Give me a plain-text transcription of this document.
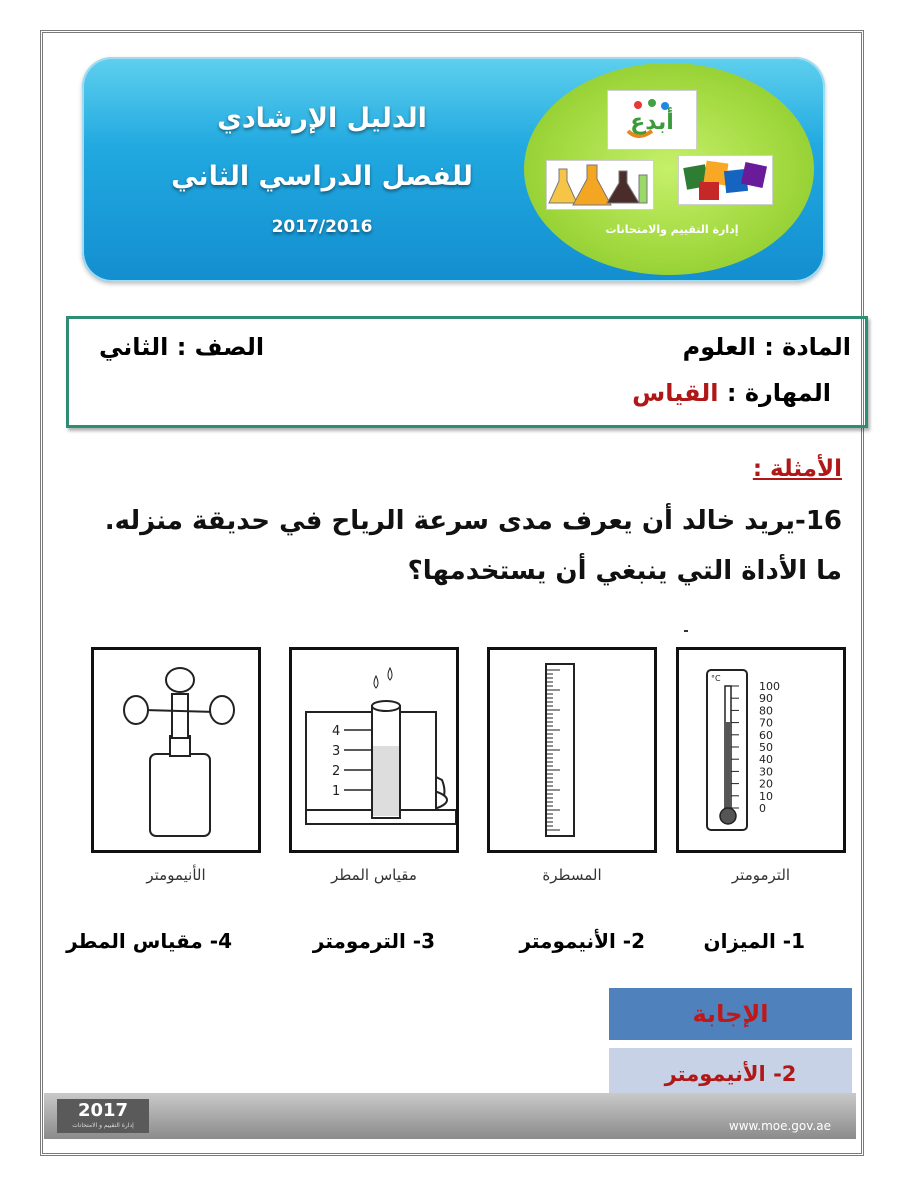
أبدع
إدارة التقييم والامتحانات
الدليل الإرشادي
للفصل الدراسي الثاني
2017/2016
المادة : العلوم
الصف : الثاني
المهارة : القياس
الأمثلة :
16-يريد خالد أن يعرف مدى سرعة الرياح في حديقة منزله.
ما الأداة التي ينبغي أن يستخدمها؟
°C
100
90
80
70
60
50
40
30
20
10
0
4
3
2
1
الترمومتر
المسطرة
مقياس المطر
الأنيمومتر
1- الميزان
2- الأنيمومتر
3- الترمومتر
4- مقياس المطر
الإجابة
2- الأنيمومتر
2017
إدارة التقييم و الامتحانات	www.moe.gov.ae
